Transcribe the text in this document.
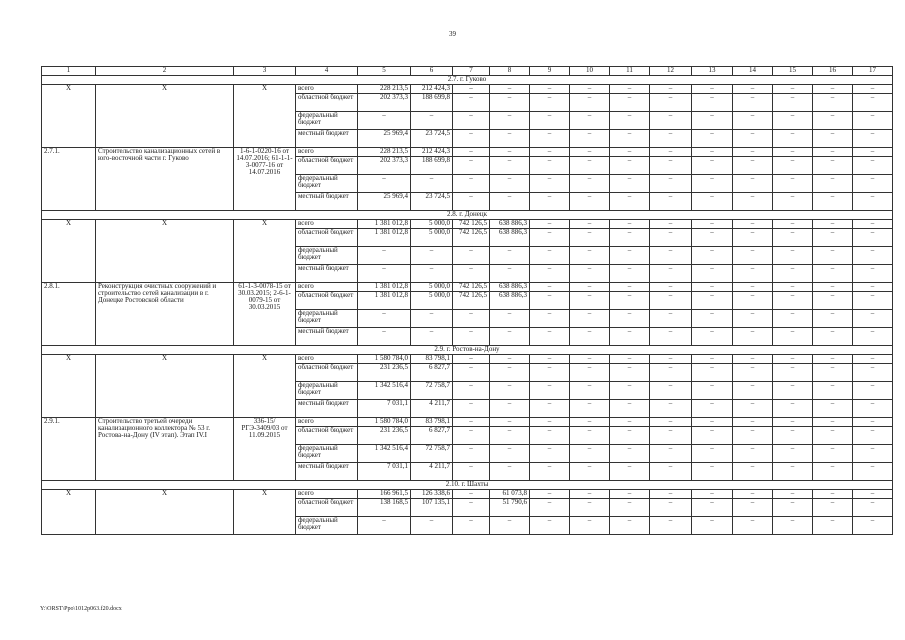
39
1	2	3	4	5	6	7	8	9	10	11	12	13	14	15	16	17
2.7. г. Гуково																
X	X	X	всего	228 213,5	212 424,3	–	–	–	–	–	–	–	–	–	–	–
			областной бюджет	202 373,3	188 699,8	–	–	–	–	–	–	–	–	–	–	–
			федеральный бюджет	–	–	–	–	–	–	–	–	–	–	–	–	–
			местный бюджет	25 969,4	23 724,5	–	–	–	–	–	–	–	–	–	–	–
2.7.1.	Строительство канализационных сетей в юго-восточной части г. Гуково	1-6-1-0220-16 от 14.07.2016; 61-1-1-3-0077-16 от 14.07.2016	всего	228 213,5	212 424,3	–	–	–	–	–	–	–	–	–	–	–
			областной бюджет	202 373,3	188 699,8	–	–	–	–	–	–	–	–	–	–	–
			федеральный бюджет	–	–	–	–	–	–	–	–	–	–	–	–	–
			местный бюджет	25 969,4	23 724,5	–	–	–	–	–	–	–	–	–	–	–
2.8. г. Донецк																
X	X	X	всего	1 381 012,8	5 000,0	742 126,5	638 886,3	–	–	–	–	–	–	–	–	–
			областной бюджет	1 381 012,8	5 000,0	742 126,5	638 886,3	–	–	–	–	–	–	–	–	–
			федеральный бюджет	–	–	–	–	–	–	–	–	–	–	–	–	–
			местный бюджет	–	–	–	–	–	–	–	–	–	–	–	–	–
2.8.1.	Реконструкция очистных сооружений и строительство сетей канализации в г. Донецке Ростовской области	61-1-3-0078-15 от 30.03.2015; 2-6-1-0079-15 от 30.03.2015	всего	1 381 012,8	5 000,0	742 126,5	638 886,3	–	–	–	–	–	–	–	–	–
			областной бюджет	1 381 012,8	5 000,0	742 126,5	638 886,3	–	–	–	–	–	–	–	–	–
			федеральный бюджет	–	–	–	–	–	–	–	–	–	–	–	–	–
			местный бюджет	–	–	–	–	–	–	–	–	–	–	–	–	–
2.9. г. Ростов-на-Дону																
X	X	X	всего	1 580 784,0	83 798,1	–	–	–	–	–	–	–	–	–	–	–
			областной бюджет	231 236,5	6 827,7	–	–	–	–	–	–	–	–	–	–	–
			федеральный бюджет	1 342 516,4	72 758,7	–	–	–	–	–	–	–	–	–	–	–
			местный бюджет	7 031,1	4 211,7	–	–	–	–	–	–	–	–	–	–	–
2.9.1.	Строительство третьей очереди канализационного коллектора № 53 г. Ростова-на-Дону (IV этап). Этап IV.I	336-15/РГЭ-3409/03 от 11.09.2015	всего	1 580 784,0	83 798,1	–	–	–	–	–	–	–	–	–	–	–
			областной бюджет	231 236,5	6 827,7	–	–	–	–	–	–	–	–	–	–	–
			федеральный бюджет	1 342 516,4	72 758,7	–	–	–	–	–	–	–	–	–	–	–
			местный бюджет	7 031,1	4 211,7	–	–	–	–	–	–	–	–	–	–	–
2.10. г. Шахты																
X	X	X	всего	166 961,5	126 338,6	–	61 073,8	–	–	–	–	–	–	–	–	–
			областной бюджет	138 168,5	107 135,1	–	51 790,6	–	–	–	–	–	–	–	–	–
			федеральный бюджет	–	–	–	–	–	–	–	–	–	–	–	–	–
Y:\ORST\Ppo\1012p063.f20.docx
